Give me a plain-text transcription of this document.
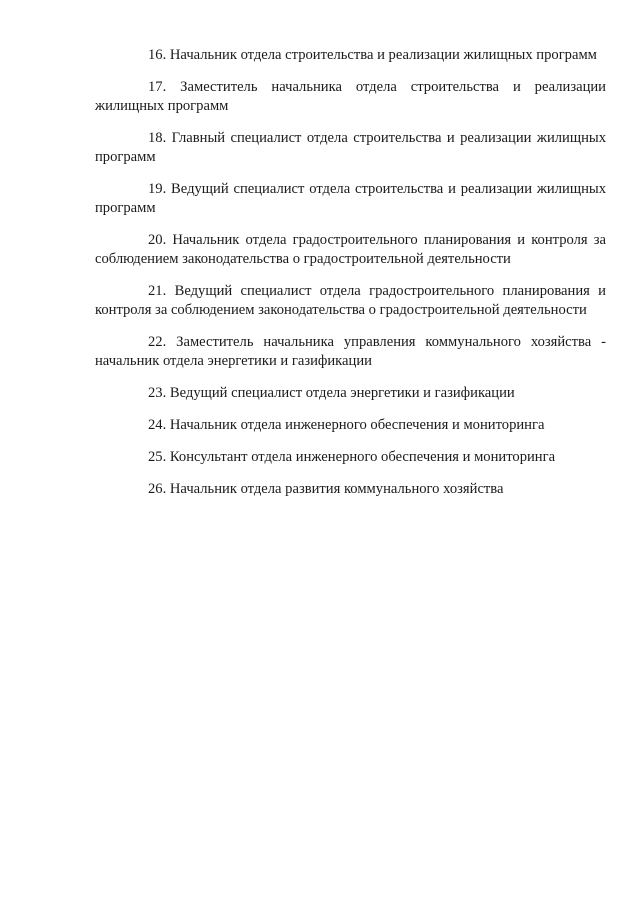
16. Начальник отдела строительства и реализации жилищных программ

17. Заместитель начальника отдела строительства и реализации жилищных программ

18. Главный специалист отдела строительства и реализации жилищных программ

19. Ведущий специалист отдела строительства и реализации жилищных программ

20. Начальник отдела градостроительного планирования и контроля за соблюдением законодательства о градостроительной деятельности

21. Ведущий специалист отдела градостроительного планирования и контроля за соблюдением законодательства о градостроительной деятельности

22. Заместитель начальника управления коммунального хозяйства - начальник отдела энергетики и газификации

23. Ведущий специалист отдела энергетики и газификации

24. Начальник отдела инженерного обеспечения и мониторинга

25. Консультант отдела инженерного обеспечения и мониторинга

26. Начальник отдела развития коммунального хозяйства
